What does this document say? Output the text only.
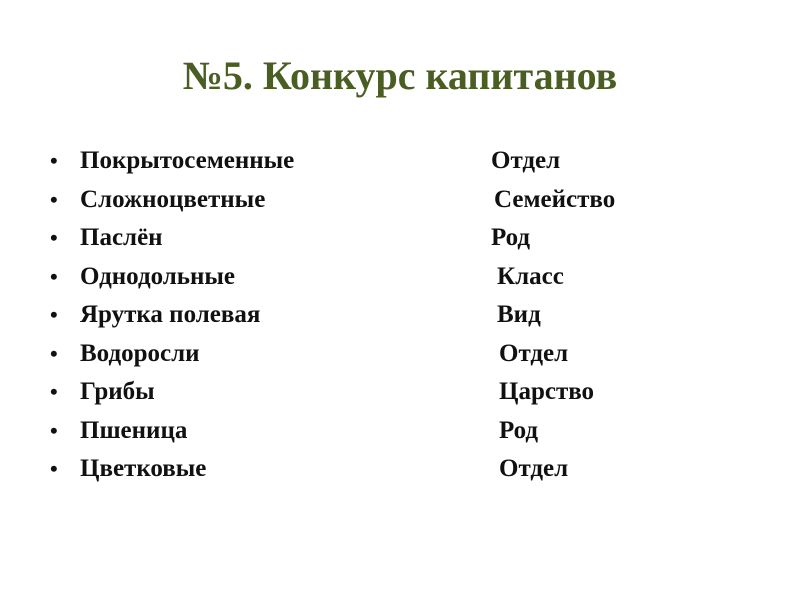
№5. Конкурс капитанов
• Покрытосеменные	Отдел
• Сложноцветные	Семейство
• Паслён	Род
• Однодольные	Класс
• Ярутка полевая	Вид
• Водоросли	Отдел
• Грибы	Царство
• Пшеница	Род
• Цветковые	Отдел
